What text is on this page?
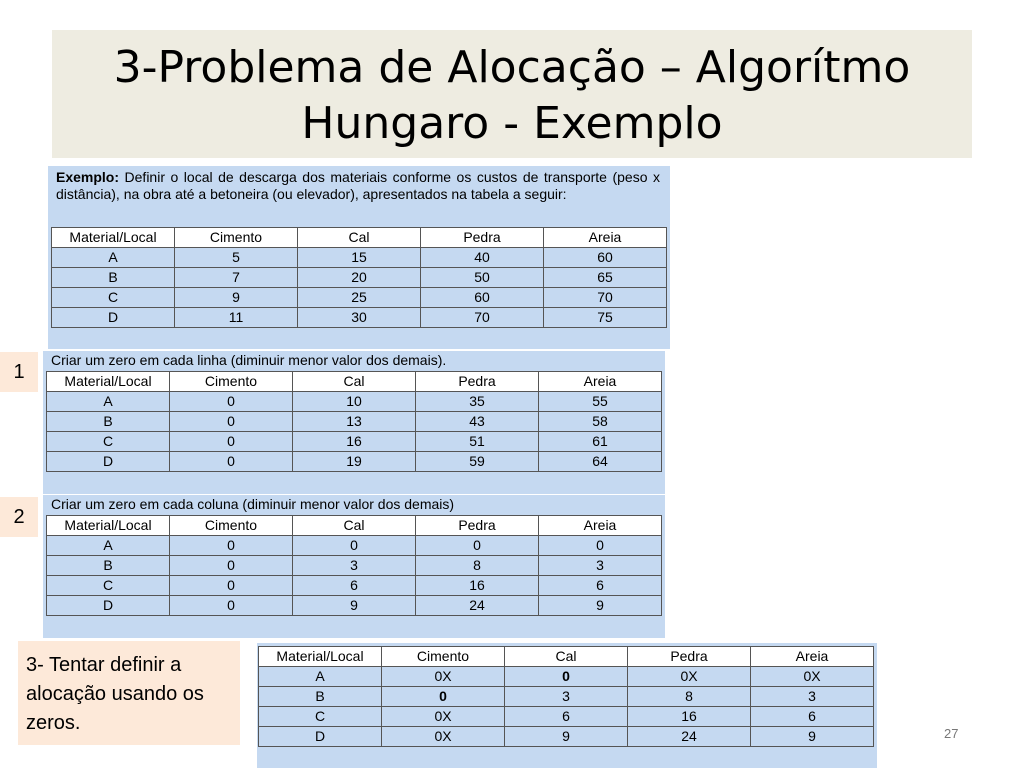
3-Problema de Alocação – Algorítmo
Hungaro - Exemplo

Exemplo: Definir o local de descarga dos materiais conforme os custos de transporte (peso x distância), na obra até a betoneira (ou elevador), apresentados na tabela a seguir:

Material/Local	Cimento	Cal	Pedra	Areia
A	5	15	40	60
B	7	20	50	65
C	9	25	60	70
D	11	30	70	75
1

Criar um zero em cada linha (diminuir menor valor dos demais).

Material/Local	Cimento	Cal	Pedra	Areia
A	0	10	35	55
B	0	13	43	58
C	0	16	51	61
D	0	19	59	64
2

Criar um zero em cada coluna (diminuir menor valor dos demais)

Material/Local	Cimento	Cal	Pedra	Areia
A	0	0	0	0
B	0	3	8	3
C	0	6	16	6
D	0	9	24	9
3- Tentar definir a alocação usando os zeros.
Material/Local	Cimento	Cal	Pedra	Areia
A	0X	0	0X	0X
B	0	3	8	3
C	0X	6	16	6
D	0X	9	24	9	27
